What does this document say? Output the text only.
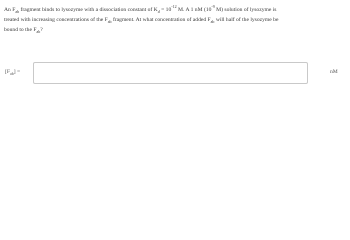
An $F_{ab}$ fragment binds to lysozyme with a dissociation constant of $K_d = 10^{-12}$ M. A 1 nM ($10^{-9}$ M) solution of lysozyme is
treated with increasing concentrations of the $F_{ab}$ fragment. At what concentration of added $F_{ab}$ will half of the lysozyme be
bound to the $F_{ab}$?
$[F_{ab}]$ =	nM
